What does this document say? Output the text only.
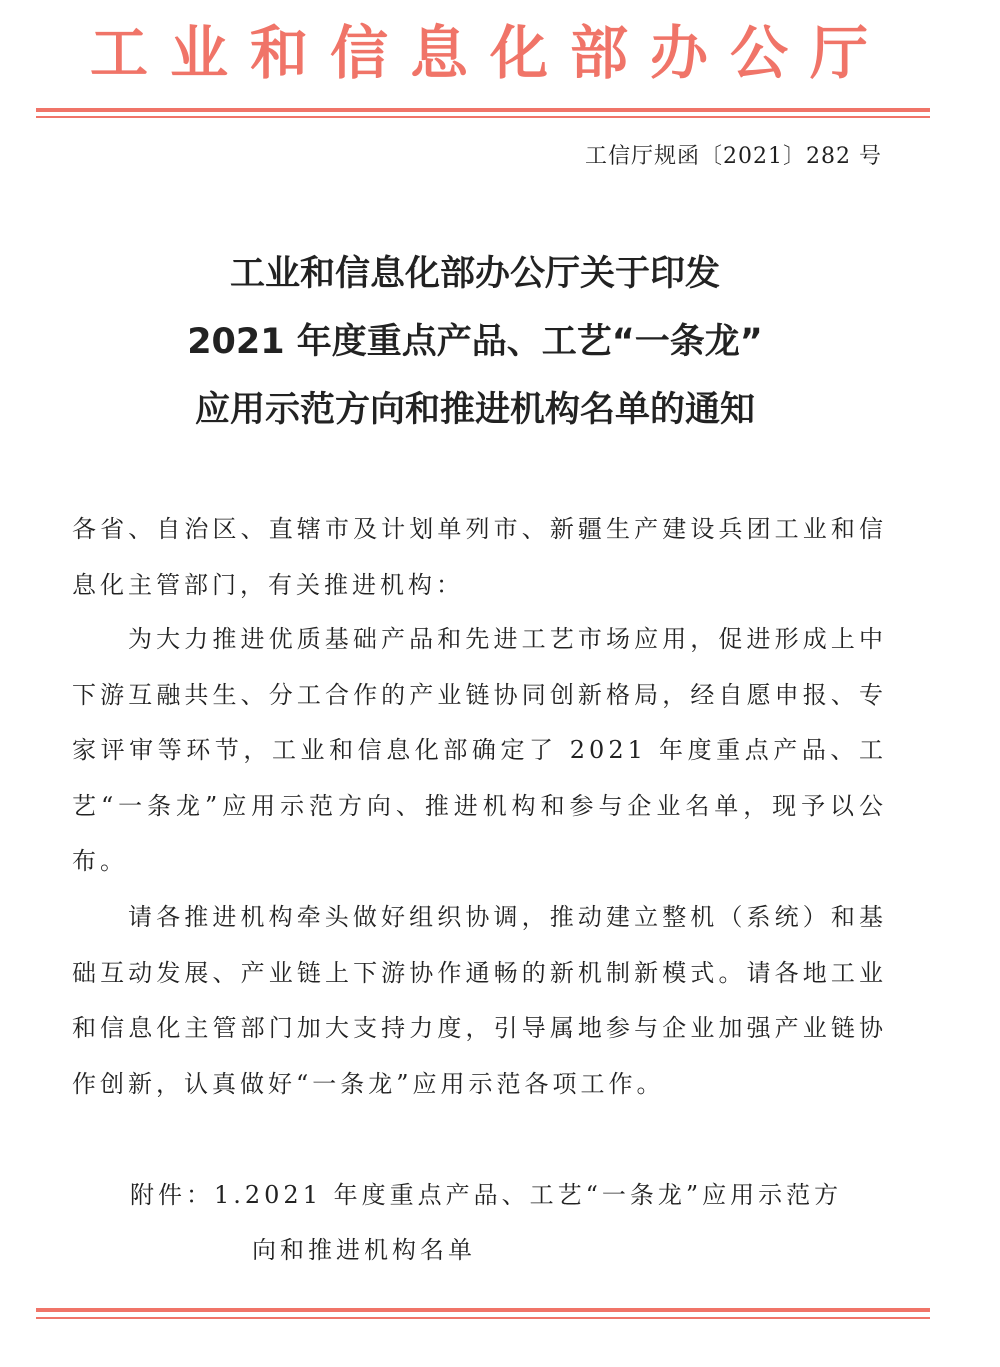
工业和信息化部办公厅
工信厅规函〔2021〕282 号
工业和信息化部办公厅关于印发
2021 年度重点产品、工艺“一条龙”
应用示范方向和推进机构名单的通知
各省、自治区、直辖市及计划单列市、新疆生产建设兵团工业和信息化主管部门，有关推进机构：
为大力推进优质基础产品和先进工艺市场应用，促进形成上中下游互融共生、分工合作的产业链协同创新格局，经自愿申报、专家评审等环节，工业和信息化部确定了 2021 年度重点产品、工艺“一条龙”应用示范方向、推进机构和参与企业名单，现予以公布。
请各推进机构牵头做好组织协调，推动建立整机（系统）和基础互动发展、产业链上下游协作通畅的新机制新模式。请各地工业和信息化主管部门加大支持力度，引导属地参与企业加强产业链协作创新，认真做好“一条龙”应用示范各项工作。
附件：1.2021 年度重点产品、工艺“一条龙”应用示范方
向和推进机构名单
